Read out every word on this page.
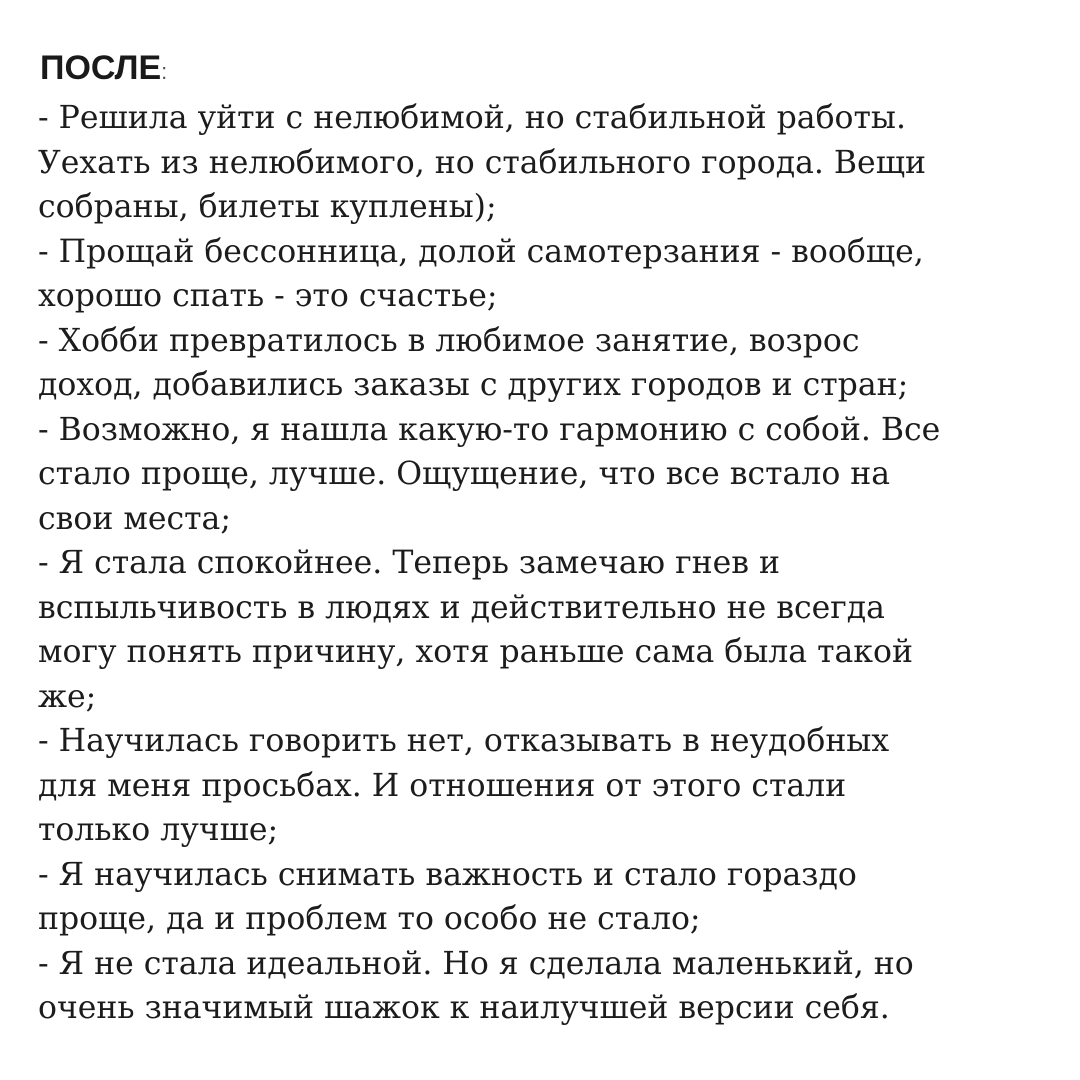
ПОСЛЕ:
- Решила уйти с нелюбимой, но стабильной работы.
Уехать из нелюбимого, но стабильного города. Вещи
собраны, билеты куплены);
- Прощай бессонница, долой самотерзания - вообще,
хорошо спать - это счастье;
- Хобби превратилось в любимое занятие, возрос
доход, добавились заказы с других городов и стран;
- Возможно, я нашла какую-то гармонию с собой. Все
стало проще, лучше. Ощущение, что все встало на
свои места;
- Я стала спокойнее. Теперь замечаю гнев и
вспыльчивость в людях и действительно не всегда
могу понять причину, хотя раньше сама была такой
же;
- Научилась говорить нет, отказывать в неудобных
для меня просьбах. И отношения от этого стали
только лучше;
- Я научилась снимать важность и стало гораздо
проще, да и проблем то особо не стало;
- Я не стала идеальной. Но я сделала маленький, но
очень значимый шажок к наилучшей версии себя.
